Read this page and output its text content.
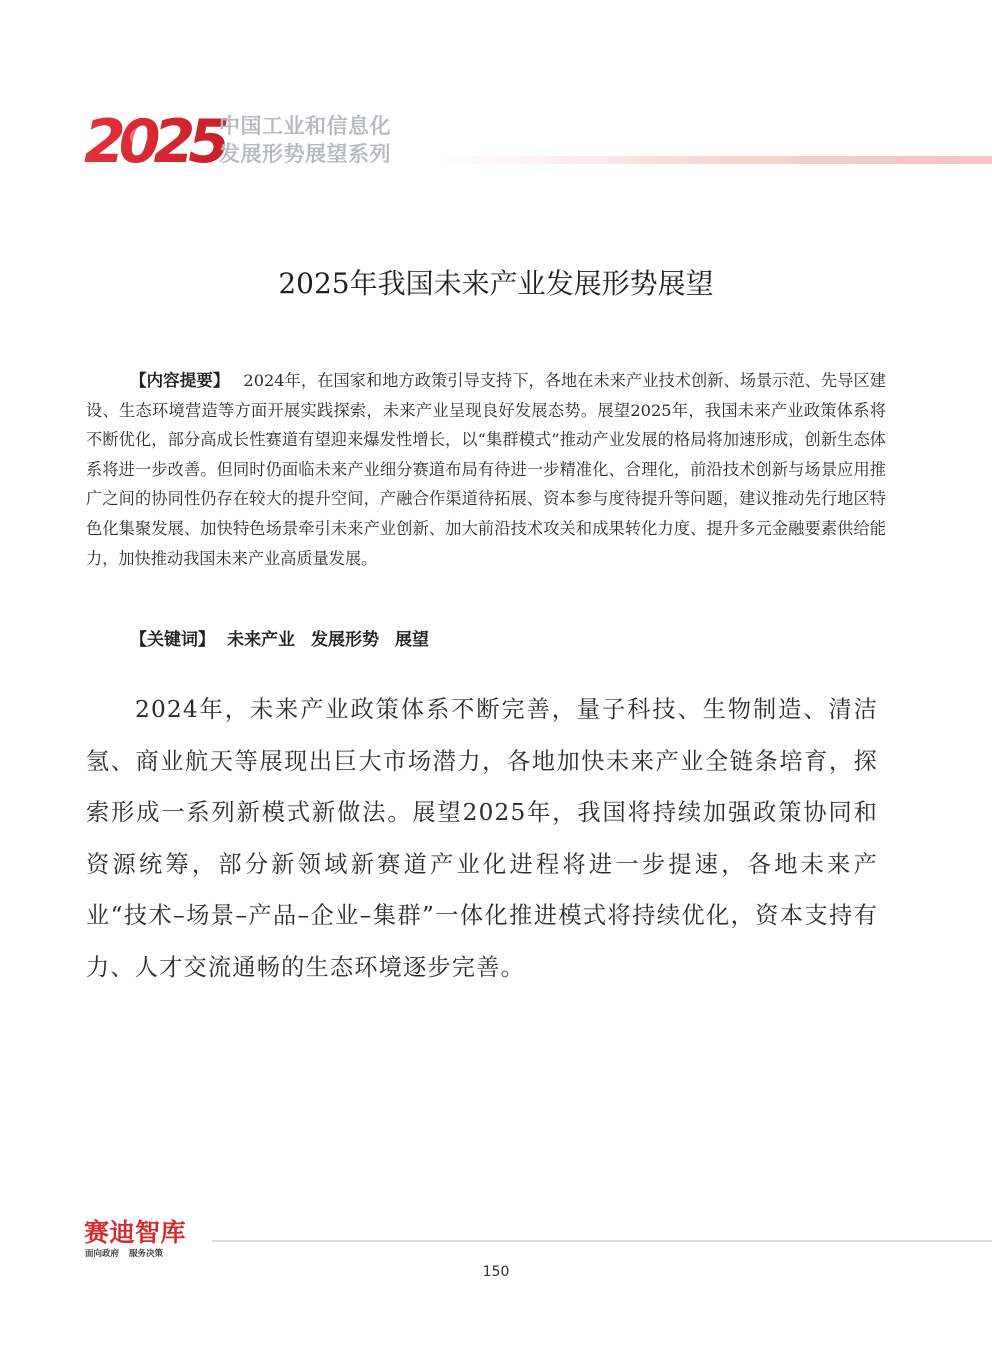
2025
中国工业和信息化
发展形势展望系列
2025年我国未来产业发展形势展望

【内容提要】 2024年，在国家和地方政策引导支持下，各地在未来产业技术创新、场景示范、先导区建设、生态环境营造等方面开展实践探索，未来产业呈现良好发展态势。展望2025年，我国未来产业政策体系将不断优化，部分高成长性赛道有望迎来爆发性增长，以“集群模式”推动产业发展的格局将加速形成，创新生态体系将进一步改善。但同时仍面临未来产业细分赛道布局有待进一步精准化、合理化，前沿技术创新与场景应用推广之间的协同性仍存在较大的提升空间，产融合作渠道待拓展、资本参与度待提升等问题，建议推动先行地区特色化集聚发展、加快特色场景牵引未来产业创新、加大前沿技术攻关和成果转化力度、提升多元金融要素供给能力，加快推动我国未来产业高质量发展。

【关键词】 未来产业 发展形势 展望

2024年，未来产业政策体系不断完善，量子科技、生物制造、清洁氢、商业航天等展现出巨大市场潜力，各地加快未来产业全链条培育，探索形成一系列新模式新做法。展望2025年，我国将持续加强政策协同和资源统筹，部分新领域新赛道产业化进程将进一步提速，各地未来产业“技术–场景–产品–企业–集群”一体化推进模式将持续优化，资本支持有力、人才交流通畅的生态环境逐步完善。

赛迪智库
面向政府 服务决策
150
